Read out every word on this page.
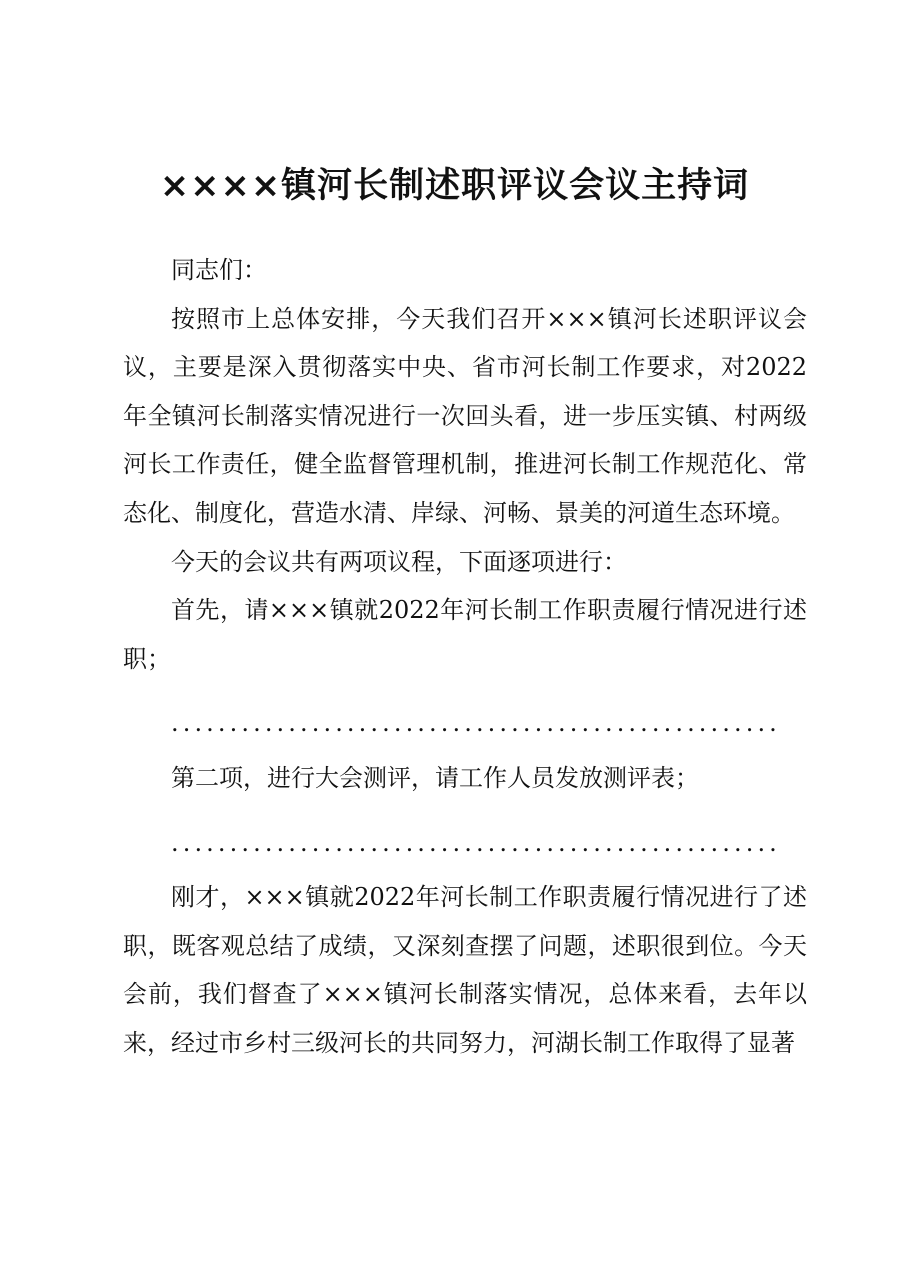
××××镇河长制述职评议会议主持词

同志们：

按照市上总体安排，今天我们召开×××镇河长述职评议会议，主要是深入贯彻落实中央、省市河长制工作要求，对2022年全镇河长制落实情况进行一次回头看，进一步压实镇、村两级河长工作责任，健全监督管理机制，推进河长制工作规范化、常态化、制度化，营造水清、岸绿、河畅、景美的河道生态环境。

今天的会议共有两项议程，下面逐项进行：

首先，请×××镇就2022年河长制工作职责履行情况进行述职；

....................................................

第二项，进行大会测评，请工作人员发放测评表；

....................................................

刚才，×××镇就2022年河长制工作职责履行情况进行了述职，既客观总结了成绩，又深刻查摆了问题，述职很到位。今天会前，我们督查了×××镇河长制落实情况，总体来看，去年以来，经过市乡村三级河长的共同努力，河湖长制工作取得了显著
